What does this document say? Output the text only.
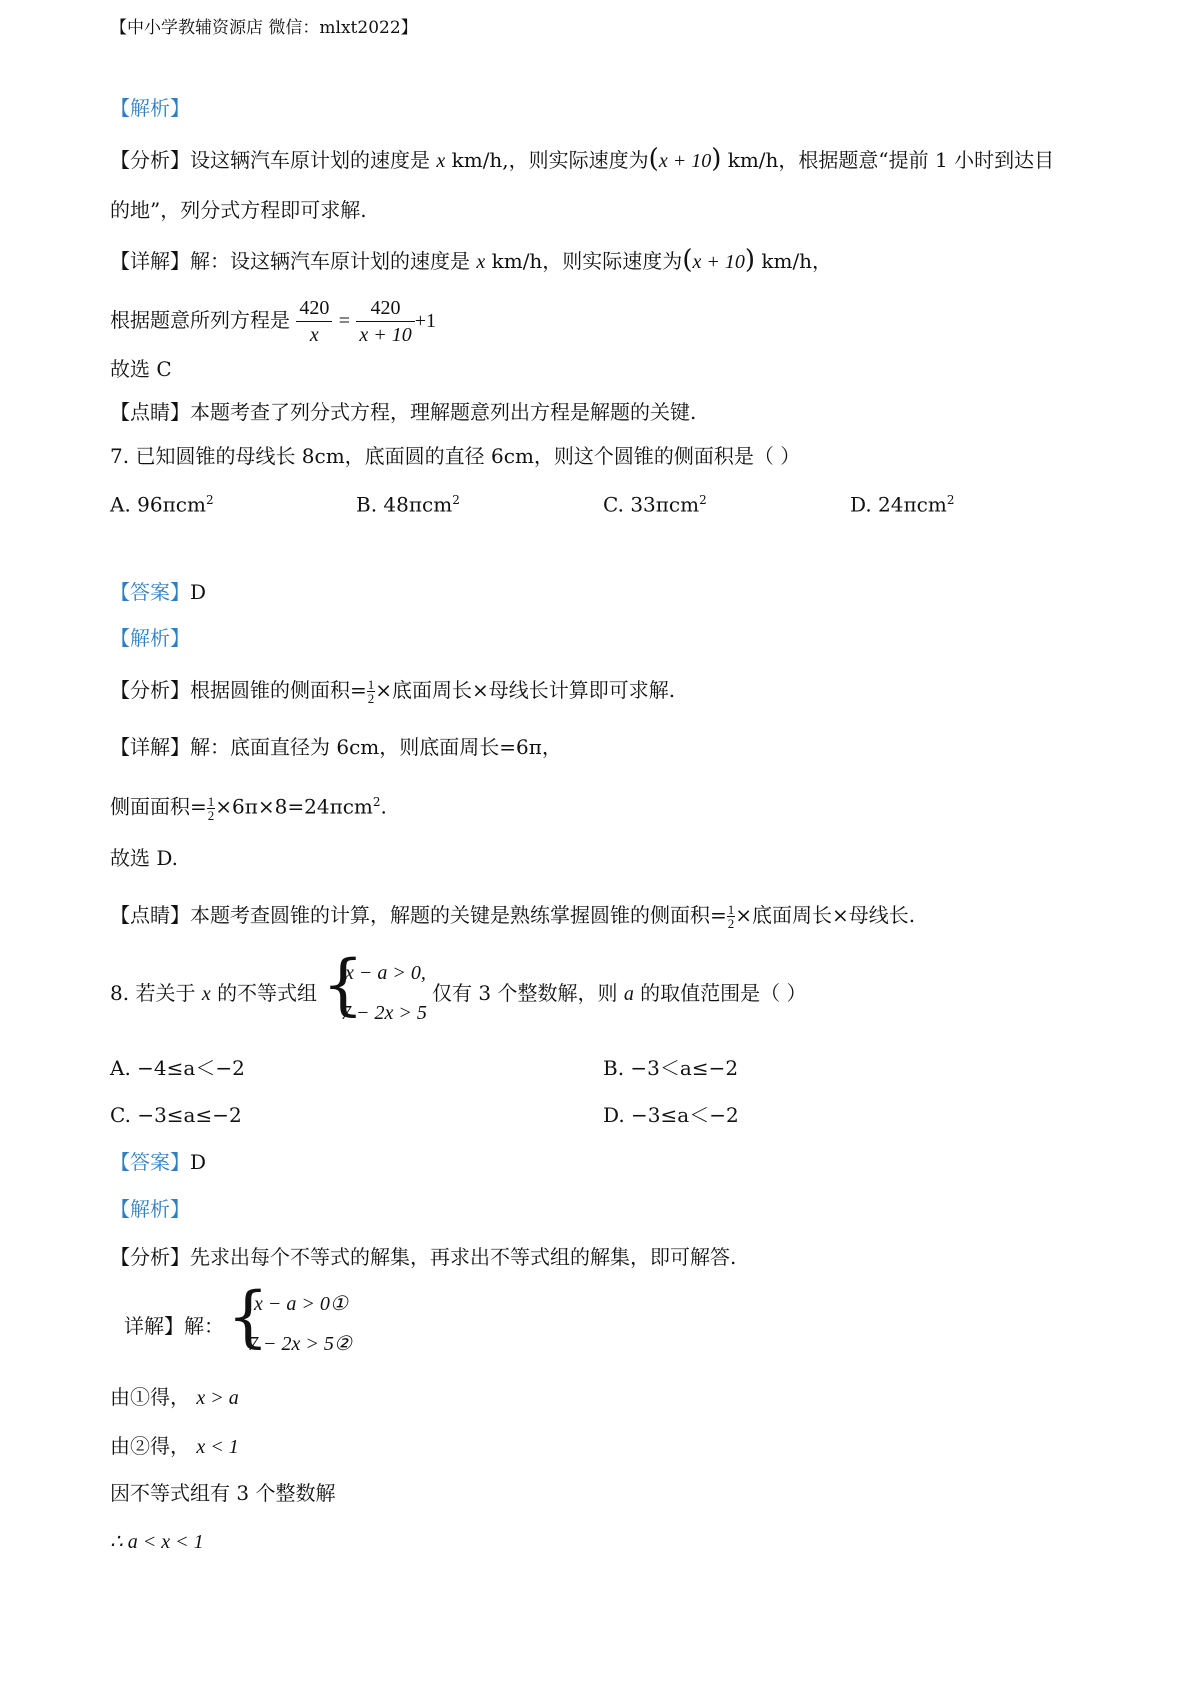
【中小学教辅资源店 微信：mlxt2022】
【解析】
【分析】设这辆汽车原计划的速度是 x km/h,，则实际速度为(x + 10) km/h，根据题意“提前 1 小时到达目
的地”，列分式方程即可求解.
【详解】解：设这辆汽车原计划的速度是 x km/h，则实际速度为(x + 10) km/h，
根据题意所列方程是 $\frac{420}{x} = \frac{420}{x + 10} +1$
故选 C
【点睛】本题考查了列分式方程，理解题意列出方程是解题的关键.
7. 已知圆锥的母线长 8cm，底面圆的直径 6cm，则这个圆锥的侧面积是（ ）
A. 96πcm$^2$	B. 48πcm$^2$	C. 33πcm$^2$	D. 24πcm$^2$
【答案】D
【解析】
【分析】根据圆锥的侧面积= $\frac{1}{2}$ ×底面周长×母线长计算即可求解.
【详解】解：底面直径为 6cm，则底面周长=6π，
侧面面积= $\frac{1}{2} \times 6\pi\times 8=24\pi cm^2$.
故选 D.
【点睛】本题考查圆锥的计算，解题的关键是熟练掌握圆锥的侧面积= $\frac{1}{2}$ ×底面周长×母线长.
8. 若关于 x 的不等式组 {
x − a > 0,
7 − 2x > 5
仅有 3 个整数解，则 a 的取值范围是（ ）
A. −4≤a＜−2	B. −3＜a≤−2
C. −3≤a≤−2	D. −3≤a＜−2
【答案】D
【解析】
【分析】先求出每个不等式的解集，再求出不等式组的解集，即可解答.
详解】解： {
x − a > 0①
7 − 2x > 5②
由①得， x > a
由②得， x < 1
因不等式组有 3 个整数解
∴ a < x < 1
